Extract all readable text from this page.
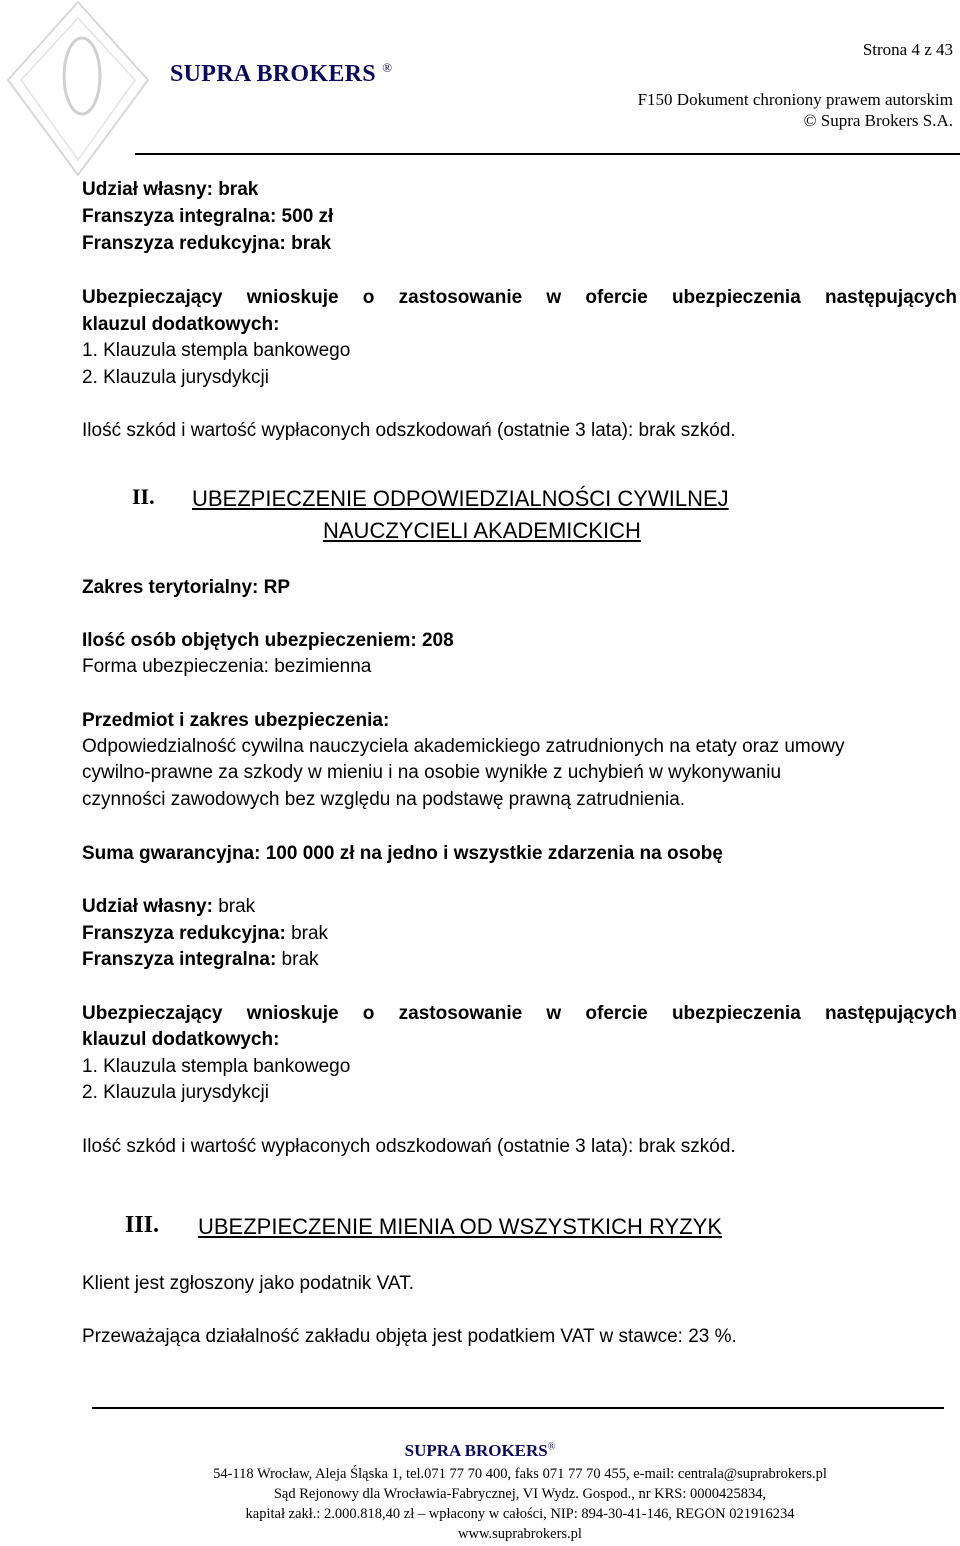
Strona 4 z 43
SUPRA BROKERS ®
F150 Dokument chroniony prawem autorskim
© Supra Brokers S.A.
Udział własny: brak
Franszyza integralna: 500 zł
Franszyza redukcyjna: brak
Ubezpieczający wnioskuje o zastosowanie w ofercie ubezpieczenia następujących
klauzul dodatkowych:
1. Klauzula stempla bankowego
2. Klauzula jurysdykcji
Ilość szkód i wartość wypłaconych odszkodowań (ostatnie 3 lata): brak szkód.
II. UBEZPIECZENIE ODPOWIEDZIALNOŚCI CYWILNEJ
NAUCZYCIELI AKADEMICKICH
Zakres terytorialny: RP
Ilość osób objętych ubezpieczeniem: 208
Forma ubezpieczenia: bezimienna
Przedmiot i zakres ubezpieczenia:
Odpowiedzialność cywilna nauczyciela akademickiego zatrudnionych na etaty oraz umowy
cywilno-prawne za szkody w mieniu i na osobie wynikłe z uchybień w wykonywaniu
czynności zawodowych bez względu na podstawę prawną zatrudnienia.
Suma gwarancyjna: 100 000 zł na jedno i wszystkie zdarzenia na osobę
Udział własny: brak
Franszyza redukcyjna: brak
Franszyza integralna: brak
Ubezpieczający wnioskuje o zastosowanie w ofercie ubezpieczenia następujących
klauzul dodatkowych:
1. Klauzula stempla bankowego
2. Klauzula jurysdykcji
Ilość szkód i wartość wypłaconych odszkodowań (ostatnie 3 lata): brak szkód.
III. UBEZPIECZENIE MIENIA OD WSZYSTKICH RYZYK
Klient jest zgłoszony jako podatnik VAT.
Przeważająca działalność zakładu objęta jest podatkiem VAT w stawce: 23 %.
SUPRA BROKERS®
54-118 Wrocław, Aleja Śląska 1, tel.071 77 70 400, faks 071 77 70 455, e-mail: centrala@suprabrokers.pl
Sąd Rejonowy dla Wrocławia-Fabrycznej, VI Wydz. Gospod., nr KRS: 0000425834,
kapitał zakł.: 2.000.818,40 zł – wpłacony w całości, NIP: 894-30-41-146, REGON 021916234
www.suprabrokers.pl
